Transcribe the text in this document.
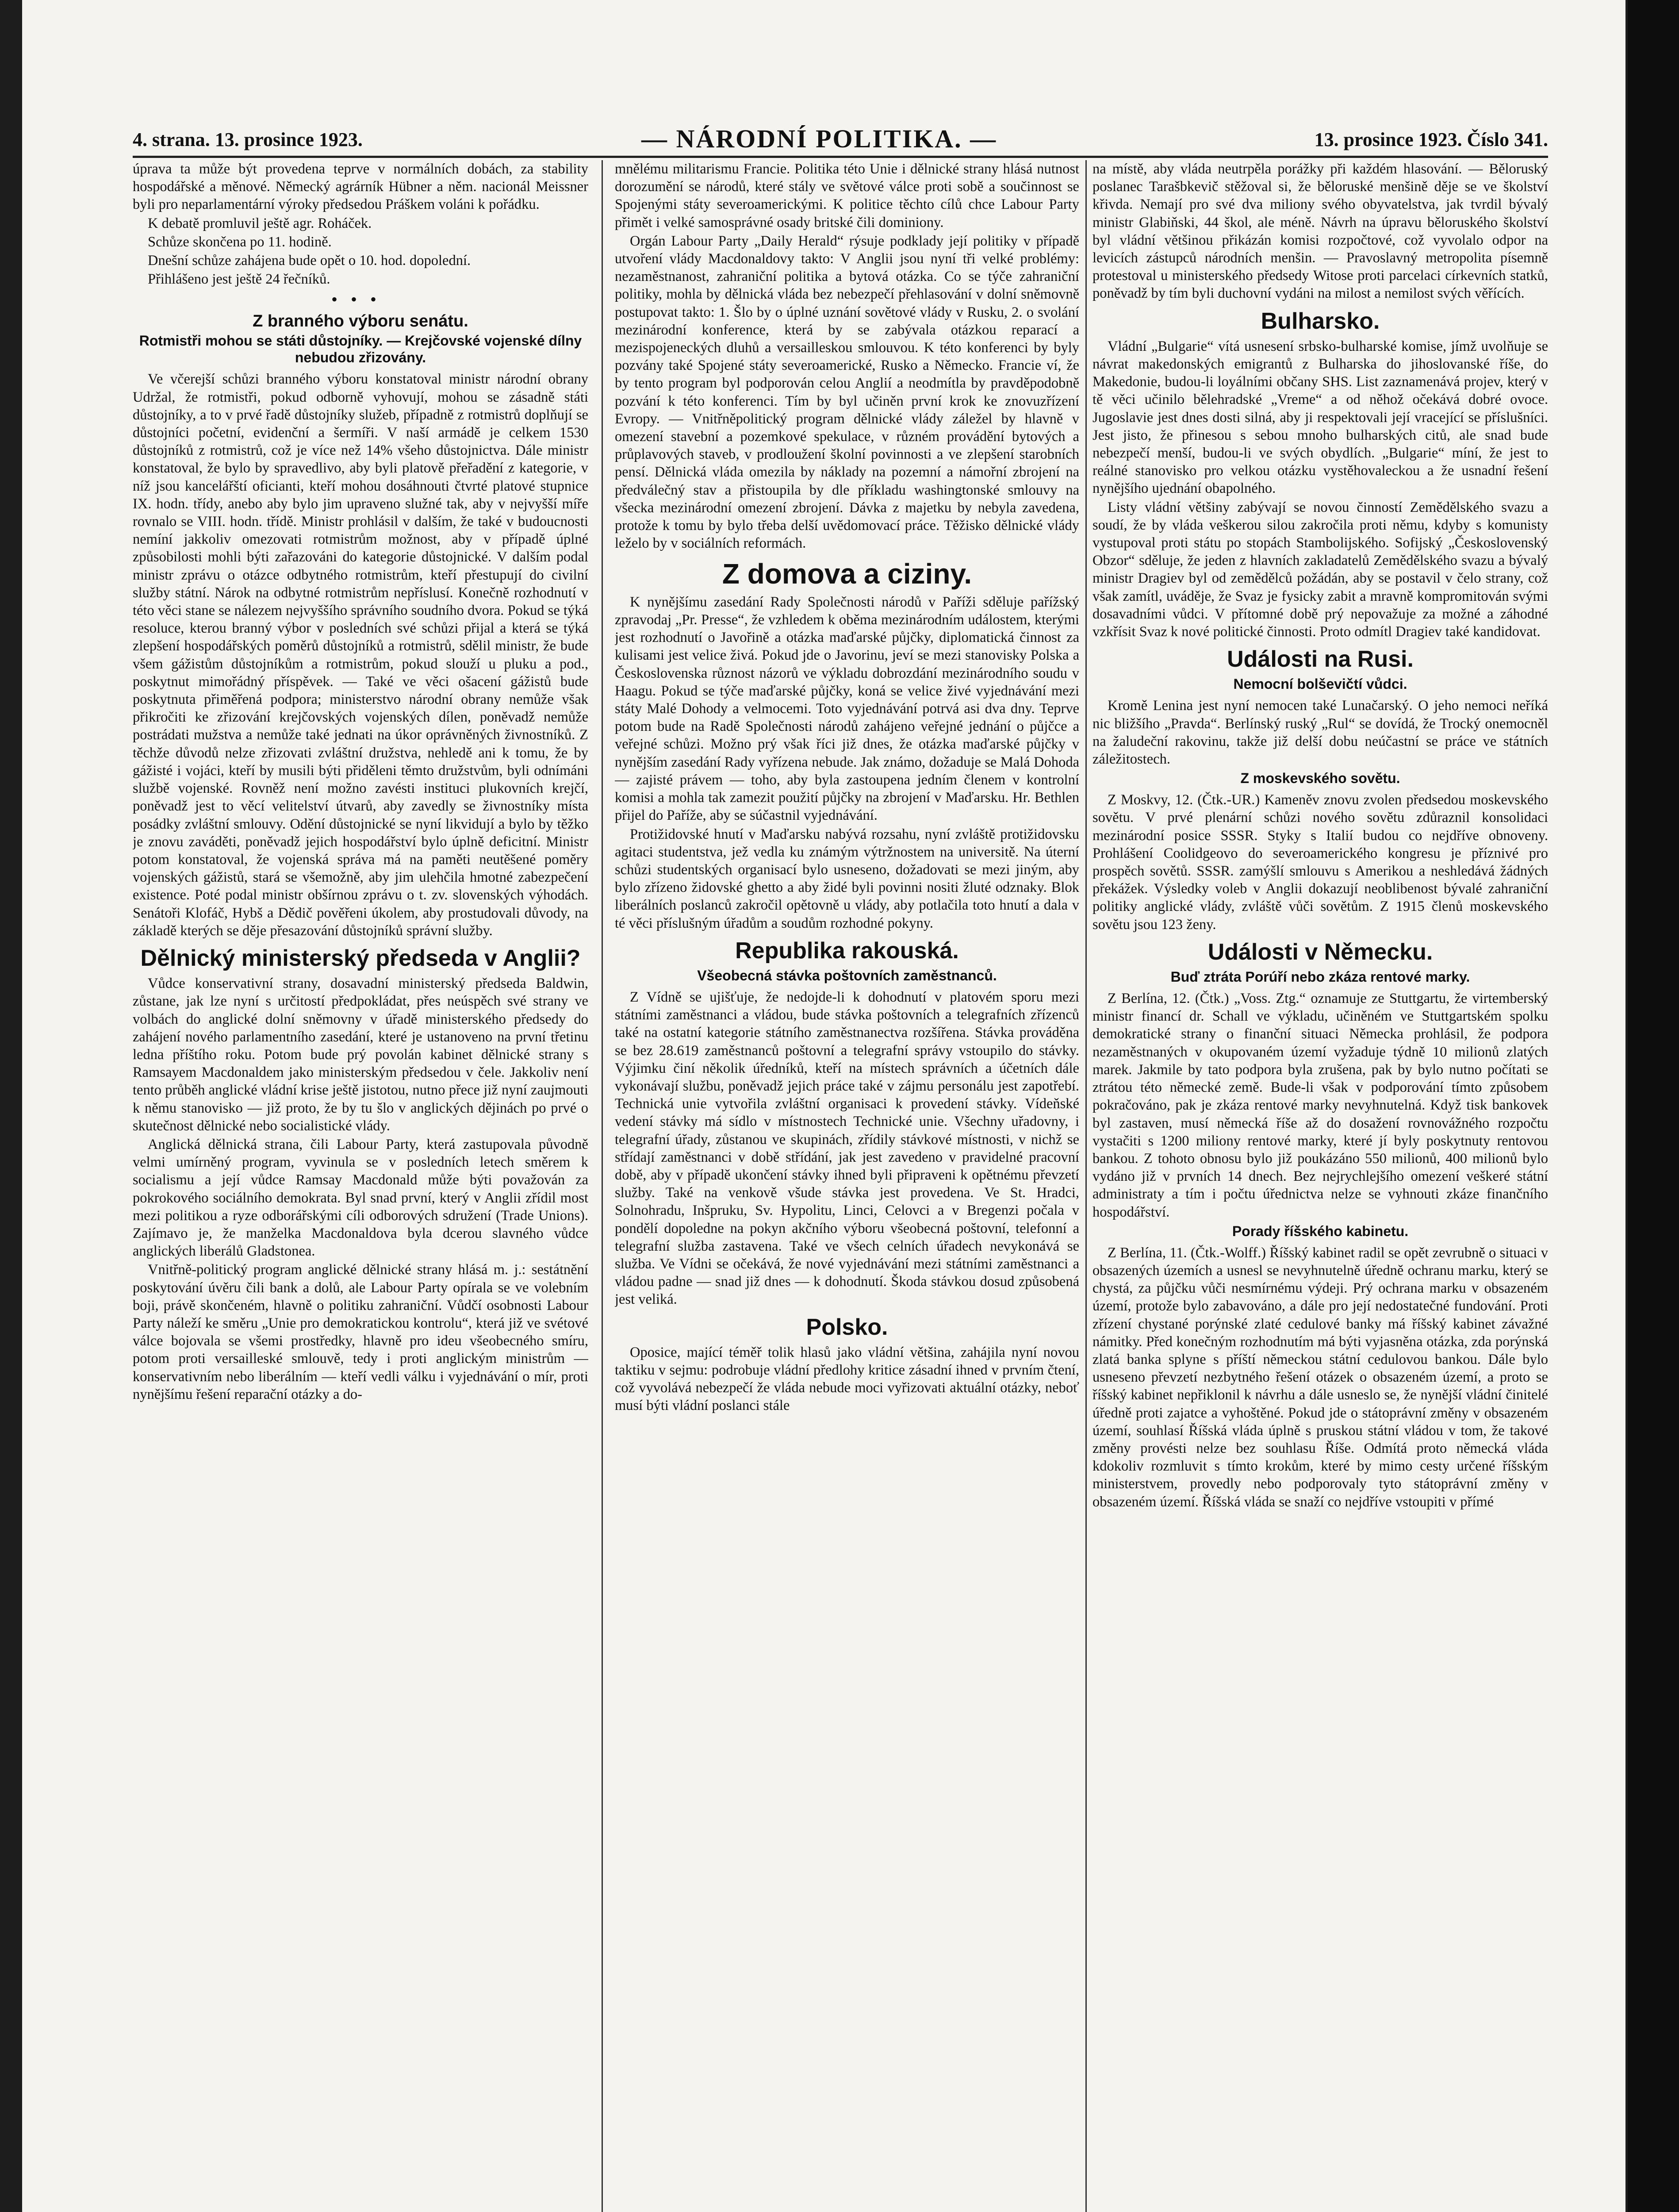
4. strana. 13. prosince 1923.	— NÁRODNÍ POLITIKA. —	13. prosince 1923. Číslo 341.

úprava ta může být provedena teprve v normálních dobách, za stability hospodářské a měnové. Německý agrárník Hübner a něm. nacionál Meissner byli pro neparlamentární výroky předsedou Práškem voláni k pořádku.

K debatě promluvil ještě agr. Roháček.

Schůze skončena po 11. hodině.

Dnešní schůze zahájena bude opět o 10. hod. dopolední.

Přihlášeno jest ještě 24 řečníků.

•••
Z branného výboru senátu.
Rotmistři mohou se státi důstojníky. — Krejčovské vojenské dílny nebudou zřizovány.

Ve včerejší schůzi branného výboru konstatoval ministr národní obrany Udržal, že rotmistři, pokud odborně vyhovují, mohou se zásadně státi důstojníky, a to v prvé řadě důstojníky služeb, případně z rotmistrů doplňují se důstojníci početní, evidenční a šermíři. V naší armádě je celkem 1530 důstojníků z rotmistrů, což je více než 14% všeho důstojnictva. Dále ministr konstatoval, že bylo by spravedlivo, aby byli platově přeřadění z kategorie, v níž jsou kancelářští oficianti, kteří mohou dosáhnouti čtvrté platové stupnice IX. hodn. třídy, anebo aby bylo jim upraveno služné tak, aby v nejvyšší míře rovnalo se VIII. hodn. třídě. Ministr prohlásil v dalším, že také v budoucnosti nemíní jakkoliv omezovati rotmistrům možnost, aby v případě úplné způsobilosti mohli býti zařazováni do kategorie důstojnické. V dalším podal ministr zprávu o otázce odbytného rotmistrům, kteří přestupují do civilní služby státní. Nárok na odbytné rotmistrům nepříslusí. Konečně rozhodnutí v této věci stane se nálezem nejvyššího správního soudního dvora. Pokud se týká resoluce, kterou branný výbor v posledních své schůzi přijal a která se týká zlepšení hospodářských poměrů důstojníků a rotmistrů, sdělil ministr, že bude všem gážistům důstojníkům a rotmistrům, pokud slouží u pluku a pod., poskytnut mimořádný příspěvek. — Také ve věci ošacení gážistů bude poskytnuta přiměřená podpora; ministerstvo národní obrany nemůže však přikročiti ke zřizování krejčovských vojenských dílen, poněvadž nemůže postrádati mužstva a nemůže také jednati na úkor oprávněných živnostníků. Z těchže důvodů nelze zřizovati zvláštní družstva, nehledě ani k tomu, že by gážisté i vojáci, kteří by musili býti přiděleni těmto družstvům, byli odnímáni službě vojenské. Rovněž není možno zavésti instituci plukovních krejčí, poněvadž jest to věcí velitelství útvarů, aby zavedly se živnostníky místa posádky zvláštní smlouvy. Odění důstojnické se nyní likvidují a bylo by těžko je znovu zaváděti, poněvadž jejich hospodářství bylo úplně deficitní. Ministr potom konstatoval, že vojenská správa má na paměti neutěšené poměry vojenských gážistů, stará se všemožně, aby jim ulehčila hmotné zabezpečení existence. Poté podal ministr obšírnou zprávu o t. zv. slovenských výhodách. Senátoři Klofáč, Hybš a Dědič pověřeni úkolem, aby prostudovali důvody, na základě kterých se děje přesazování důstojníků správní služby.

Dělnický ministerský předseda v Anglii?

Vůdce konservativní strany, dosavadní ministerský předseda Baldwin, zůstane, jak lze nyní s určitostí předpokládat, přes neúspěch své strany ve volbách do anglické dolní sněmovny v úřadě ministerského předsedy do zahájení nového parlamentního zasedání, které je ustanoveno na první třetinu ledna příštího roku. Potom bude prý povolán kabinet dělnické strany s Ramsayem Macdonaldem jako ministerským předsedou v čele. Jakkoliv není tento průběh anglické vládní krise ještě jistotou, nutno přece již nyní zaujmouti k němu stanovisko — již proto, že by tu šlo v anglických dějinách po prvé o skutečnost dělnické nebo socialistické vlády.

Anglická dělnická strana, čili Labour Party, která zastupovala původně velmi umírněný program, vyvinula se v posledních letech směrem k socialismu a její vůdce Ramsay Macdonald může býti považován za pokrokového sociálního demokrata. Byl snad první, který v Anglii zřídil most mezi politikou a ryze odborářskými cíli odborových sdružení (Trade Unions). Zajímavo je, že manželka Macdonaldova byla dcerou slavného vůdce anglických liberálů Gladstonea.

Vnitřně-politický program anglické dělnické strany hlásá m. j.: sestátnění poskytování úvěru čili bank a dolů, ale Labour Party opírala se ve volebním boji, právě skončeném, hlavně o politiku zahraniční. Vůdčí osobnosti Labour Party náleží ke směru „Unie pro demokratickou kontrolu“, která již ve svétové válce bojovala se všemi prostředky, hlavně pro ideu všeobecného smíru, potom proti versailleské smlouvě, tedy i proti anglickým ministrům — konservativním nebo liberálním — kteří vedli válku i vyjednávání o mír, proti nynějšímu řešení reparační otázky a do-

mnělému militarismu Francie. Politika této Unie i dělnické strany hlásá nutnost dorozumění se národů, které stály ve světové válce proti sobě a součinnost se Spojenými státy severoamerickými. K politice těchto cílů chce Labour Party přimět i velké samosprávné osady britské čili dominiony.

Orgán Labour Party „Daily Herald“ rýsuje podklady její politiky v případě utvoření vlády Macdonaldovy takto: V Anglii jsou nyní tři velké problémy: nezaměstnanost, zahraniční politika a bytová otázka. Co se týče zahraniční politiky, mohla by dělnická vláda bez nebezpečí přehlasování v dolní sněmovně postupovat takto: 1. Šlo by o úplné uznání sovětové vlády v Rusku, 2. o svolání mezinárodní konference, která by se zabývala otázkou reparací a mezispojeneckých dluhů a versailleskou smlouvou. K této konferenci by byly pozvány také Spojené státy severoamerické, Rusko a Německo. Francie ví, že by tento program byl podporován celou Anglií a neodmítla by pravděpodobně pozvání k této konferenci. Tím by byl učiněn první krok ke znovuzřízení Evropy. — Vnitřněpolitický program dělnické vlády záležel by hlavně v omezení stavební a pozemkové spekulace, v různém provádění bytových a průplavových staveb, v prodloužení školní povinnosti a ve zlepšení starobních pensí. Dělnická vláda omezila by náklady na pozemní a námořní zbrojení na předválečný stav a přistoupila by dle příkladu washingtonské smlouvy na všecka mezinárodní omezení zbrojení. Dávka z majetku by nebyla zavedena, protože k tomu by bylo třeba delší uvědomovací práce. Těžisko dělnické vlády leželo by v sociálních reformách.

Z domova a ciziny.

K nynějšímu zasedání Rady Společnosti národů v Paříži sděluje pařížský zpravodaj „Pr. Presse“, že vzhledem k oběma mezinárodním událostem, kterými jest rozhodnutí o Javořině a otázka maďarské půjčky, diplomatická činnost za kulisami jest velice živá. Pokud jde o Javorinu, jeví se mezi stanovisky Polska a Československa různost názorů ve výkladu dobrozdání mezinárodního soudu v Haagu. Pokud se týče maďarské půjčky, koná se velice živé vyjednávání mezi státy Malé Dohody a velmocemi. Toto vyjednávání potrvá asi dva dny. Teprve potom bude na Radě Společnosti národů zahájeno veřejné jednání o půjčce a veřejné schůzi. Možno prý však říci již dnes, že otázka maďarské půjčky v nynějším zasedání Rady vyřízena nebude. Jak známo, dožaduje se Malá Dohoda — zajisté právem — toho, aby byla zastoupena jedním členem v kontrolní komisi a mohla tak zamezit použití půjčky na zbrojení v Maďarsku. Hr. Bethlen přijel do Paříže, aby se súčastnil vyjednávání.

Protižidovské hnutí v Maďarsku nabývá rozsahu, nyní zvláště protižidovsku agitaci studentstva, jež vedla ku známým výtržnostem na universitě. Na úterní schůzi studentských organisací bylo usneseno, dožadovati se mezi jiným, aby bylo zřízeno židovské ghetto a aby židé byli povinni nositi žluté odznaky. Blok liberálních poslanců zakročil opětovně u vlády, aby potlačila toto hnutí a dala v té věci příslušným úřadům a soudům rozhodné pokyny.

Republika rakouská.
Všeobecná stávka poštovních zaměstnanců.

Z Vídně se ujišťuje, že nedojde-li k dohodnutí v platovém sporu mezi státními zaměstnanci a vládou, bude stávka poštovních a telegrafních zřízenců také na ostatní kategorie státního zaměstnanectva rozšířena. Stávka prováděna se bez 28.619 zaměstnanců poštovní a telegrafní správy vstoupilo do stávky. Výjimku činí několik úředníků, kteří na místech správních a účetních dále vykonávají službu, poněvadž jejich práce také v zájmu personálu jest zapotřebí. Technická unie vytvořila zvláštní organisaci k provedení stávky. Vídeňské vedení stávky má sídlo v místnostech Technické unie. Všechny uřadovny, i telegrafní úřady, zůstanou ve skupinách, zřídily stávkové místnosti, v nichž se střídají zaměstnanci v době střídání, jak jest zavedeno v pravidelné pracovní době, aby v případě ukončení stávky ihned byli připraveni k opětnému převzetí služby. Také na venkově všude stávka jest provedena. Ve St. Hradci, Solnohradu, Inšpruku, Sv. Hypolitu, Linci, Celovci a v Bregenzi počala v pondělí dopoledne na pokyn akčního výboru všeobecná poštovní, telefonní a telegrafní služba zastavena. Také ve všech celních úřadech nevykonává se služba. Ve Vídni se očekává, že nové vyjednávání mezi státními zaměstnanci a vládou padne — snad již dnes — k dohodnutí. Škoda stávkou dosud způsobená jest veliká.

Polsko.

Oposice, mající téměř tolik hlasů jako vládní většina, zahájila nyní novou taktiku v sejmu: podrobuje vládní předlohy kritice zásadní ihned v prvním čtení, což vyvolává nebezpečí že vláda nebude moci vyřizovati aktuální otázky, neboť musí býti vládní poslanci stále

na místě, aby vláda neutrpěla porážky při každém hlasování. — Běloruský poslanec Tarašbkevič stěžoval si, že běloruské menšině děje se ve školství křivda. Nemají pro své dva miliony svého obyvatelstva, jak tvrdil bývalý ministr Glabiňski, 44 škol, ale méně. Návrh na úpravu běloruského školství byl vládní většinou přikázán komisi rozpočtové, což vyvolalo odpor na levicích zástupců národních menšin. — Pravoslavný metropolita písemně protestoval u ministerského předsedy Witose proti parcelaci církevních statků, poněvadž by tím byli duchovní vydáni na milost a nemilost svých věřících.

Bulharsko.

Vládní „Bulgarie“ vítá usnesení srbsko-bulharské komise, jímž uvolňuje se návrat makedonských emigrantů z Bulharska do jihoslovanské říše, do Makedonie, budou-li loyálními občany SHS. List zaznamenává projev, který v tě věci učinilo bělehradské „Vreme“ a od něhož očekává dobré ovoce. Jugoslavie jest dnes dosti silná, aby ji respektovali její vracející se příslušníci. Jest jisto, že přinesou s sebou mnoho bulharských citů, ale snad bude nebezpečí menší, budou-li ve svých obydlích. „Bulgarie“ míní, že jest to reálné stanovisko pro velkou otázku vystěhovaleckou a že usnadní řešení nynějšího ujednání obapolného.

Listy vládní většiny zabývají se novou činností Zemědělského svazu a soudí, že by vláda veškerou silou zakročila proti němu, kdyby s komunisty vystupoval proti státu po stopách Stambolijského. Sofijský „Československý Obzor“ sděluje, že jeden z hlavních zakladatelů Zemědělského svazu a bývalý ministr Dragiev byl od zemědělců požádán, aby se postavil v čelo strany, což však zamítl, uváděje, že Svaz je fysicky zabit a mravně kompromitován svými dosavadními vůdci. V přítomné době prý nepovažuje za možné a záhodné vzkřísit Svaz k nové politické činnosti. Proto odmítl Dragiev také kandidovat.

Události na Rusi.
Nemocní bolševičtí vůdci.

Kromě Lenina jest nyní nemocen také Lunačarský. O jeho nemoci neříká nic bližšího „Pravda“. Berlínský ruský „Rul“ se dovídá, že Trocký onemocněl na žaludeční rakovinu, takže již delší dobu neúčastní se práce ve státních záležitostech.

Z moskevského sovětu.

Z Moskvy, 12. (Čtk.-UR.) Kameněv znovu zvolen předsedou moskevského sovětu. V prvé plenární schůzi nového sovětu zdůraznil konsolidaci mezinárodní posice SSSR. Styky s Italií budou co nejdříve obnoveny. Prohlášení Coolidgeovo do severoamerického kongresu je příznivé pro prospěch sovětů. SSSR. zamýšlí smlouvu s Amerikou a neshledává žádných překážek. Výsledky voleb v Anglii dokazují neoblibenost bývalé zahraniční politiky anglické vlády, zvláště vůči sovětům. Z 1915 členů moskevského sovětu jsou 123 ženy.

Události v Německu.
Buď ztráta Porúří nebo zkáza rentové marky.

Z Berlína, 12. (Čtk.) „Voss. Ztg.“ oznamuje ze Stuttgartu, že virtemberský ministr financí dr. Schall ve výkladu, učiněném ve Stuttgartském spolku demokratické strany o finanční situaci Německa prohlásil, že podpora nezaměstnaných v okupovaném území vyžaduje týdně 10 milionů zlatých marek. Jakmile by tato podpora byla zrušena, pak by bylo nutno počítati se ztrátou této německé země. Bude-li však v podporování tímto způsobem pokračováno, pak je zkáza rentové marky nevyhnutelná. Když tisk bankovek byl zastaven, musí německá říše až do dosažení rovnovážného rozpočtu vystačiti s 1200 miliony rentové marky, které jí byly poskytnuty rentovou bankou. Z tohoto obnosu bylo již poukázáno 550 milionů, 400 milionů bylo vydáno již v prvních 14 dnech. Bez nejrychlejšího omezení veškeré státní administraty a tím i počtu úřednictva nelze se vyhnouti zkáze finančního hospodářství.

Porady říšského kabinetu.

Z Berlína, 11. (Čtk.-Wolff.) Říšský kabinet radil se opět zevrubně o situaci v obsazených územích a usnesl se nevyhnutelně úředně ochranu marku, který se chystá, za půjčku vůči nesmírnému výdeji. Prý ochrana marku v obsazeném území, protože bylo zabavováno, a dále pro její nedostatečné fundování. Proti zřízení chystané porýnské zlaté cedulové banky má říšský kabinet závažné námitky. Před konečným rozhodnutím má býti vyjasněna otázka, zda porýnská zlatá banka splyne s příští německou státní cedulovou bankou. Dále bylo usneseno převzetí nezbytného řešení otázek o obsazeném území, a proto se říšský kabinet nepřiklonil k návrhu a dále usneslo se, že nynější vládní činitelé úředně proti zajatce a vyhoštěné. Pokud jde o státoprávní změny v obsazeném území, souhlasí Říšská vláda úplně s pruskou státní vládou v tom, že takové změny provésti nelze bez souhlasu Říše. Odmítá proto německá vláda kdokoliv rozmluvit s tímto krokům, které by mimo cesty určené říšským ministerstvem, provedly nebo podporovaly tyto státoprávní změny v obsazeném území. Říšská vláda se snaží co nejdříve vstoupiti v přímé
